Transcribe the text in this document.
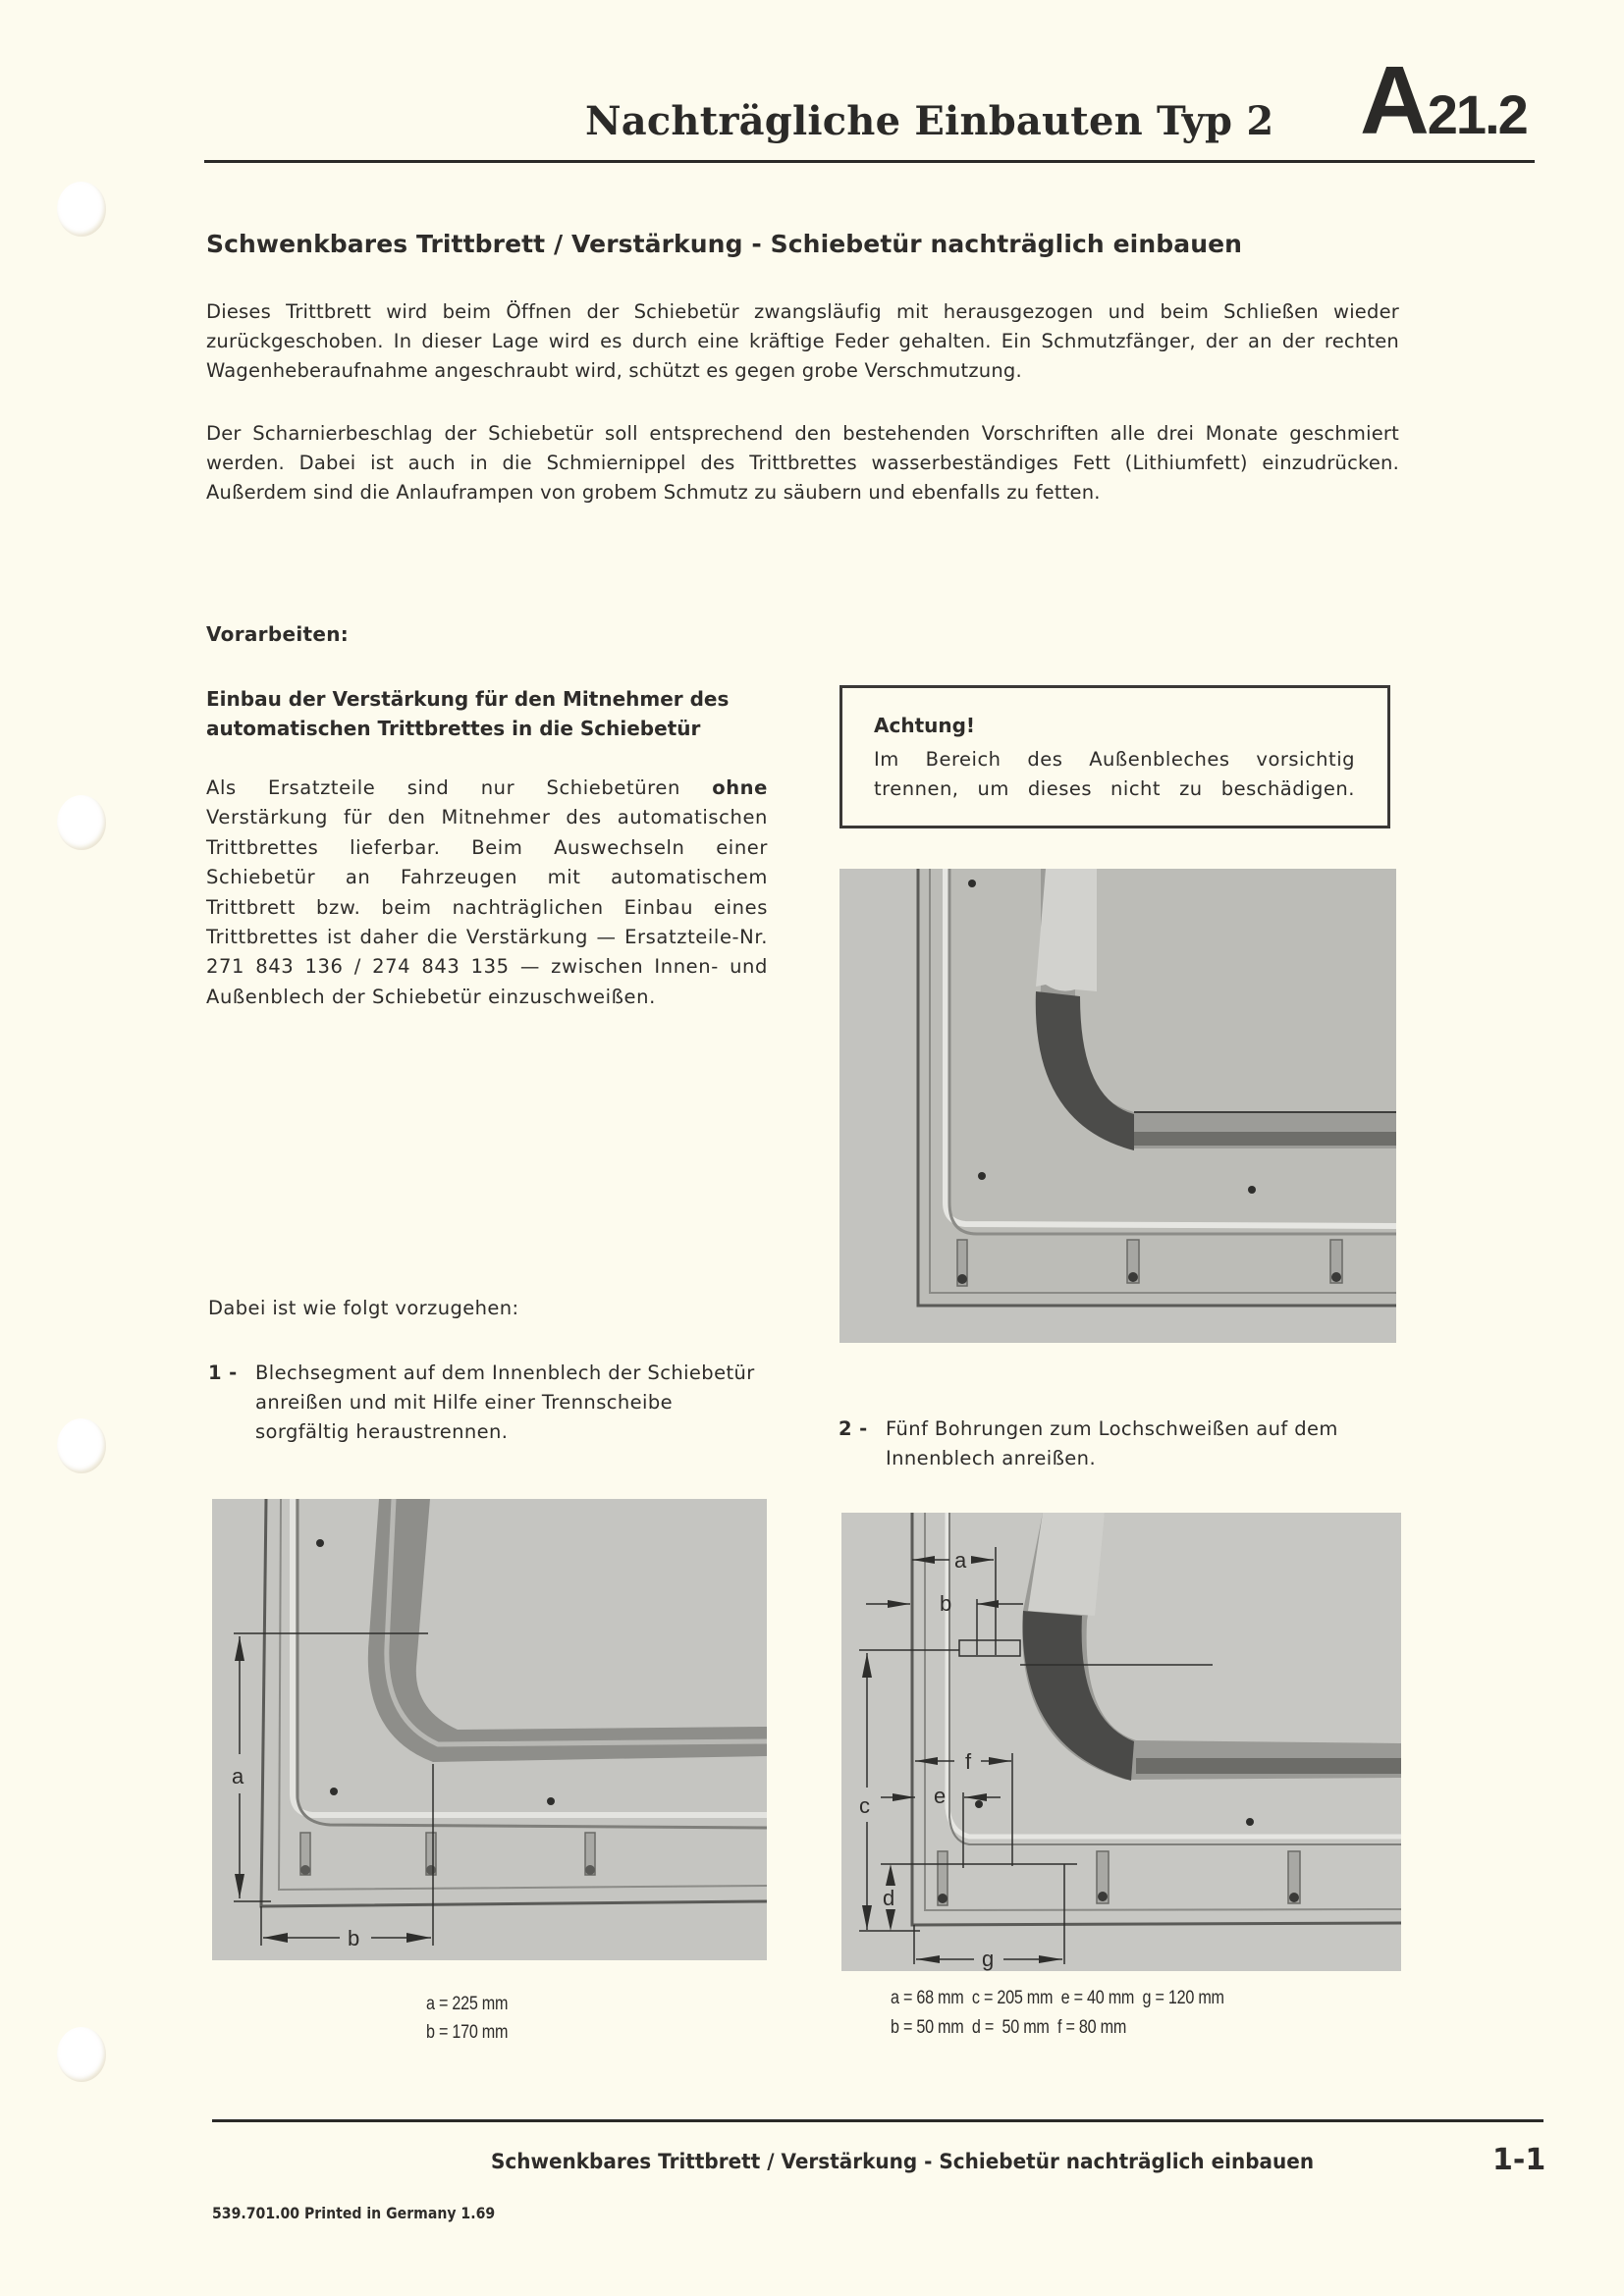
Nachträgliche Einbauten Typ 2 A21.2
Schwenkbares Trittbrett / Verstärkung - Schiebetür nachträglich einbauen
Dieses Trittbrett wird beim Öffnen der Schiebetür zwangsläufig mit herausgezogen und beim Schließen wieder zurückgeschoben. In dieser Lage wird es durch eine kräftige Feder gehalten. Ein Schmutzfänger, der an der rechten Wagenheberaufnahme angeschraubt wird, schützt es gegen grobe Verschmutzung.
Der Scharnierbeschlag der Schiebetür soll entsprechend den bestehenden Vorschriften alle drei Monate geschmiert werden. Dabei ist auch in die Schmiernippel des Trittbrettes wasserbeständiges Fett (Lithiumfett) einzudrücken. Außerdem sind die Anlauframpen von grobem Schmutz zu säubern und ebenfalls zu fetten.
Vorarbeiten:
Einbau der Verstärkung für den Mitnehmer des automatischen Trittbrettes in die Schiebetür
Als Ersatzteile sind nur Schiebetüren ohne Verstärkung für den Mitnehmer des automatischen Trittbrettes lieferbar. Beim Auswechseln einer Schiebetür an Fahrzeugen mit automatischem Trittbrett bzw. beim nachträglichen Einbau eines Trittbrettes ist daher die Verstärkung — Ersatzteile-Nr. 271 843 136 / 274 843 135 — zwischen Innen- und Außenblech der Schiebetür einzuschweißen.
Achtung!
Im Bereich des Außenbleches vorsichtig trennen, um dieses nicht zu beschädigen.
Dabei ist wie folgt vorzugehen:
1 - Blechsegment auf dem Innenblech der Schiebetür anreißen und mit Hilfe einer Trennscheibe sorgfältig heraustrennen.	2 - Fünf Bohrungen zum Lochschweißen auf dem Innenblech anreißen.
a
b
a
b
c
d
e
f
g
a = 225 mm
b = 170 mm
a = 68 mm  c = 205 mm  e = 40 mm  g = 120 mm
b = 50 mm  d =  50 mm  f = 80 mm
Schwenkbares Trittbrett / Verstärkung - Schiebetür nachträglich einbauen	1-1
539.701.00 Printed in Germany 1.69
